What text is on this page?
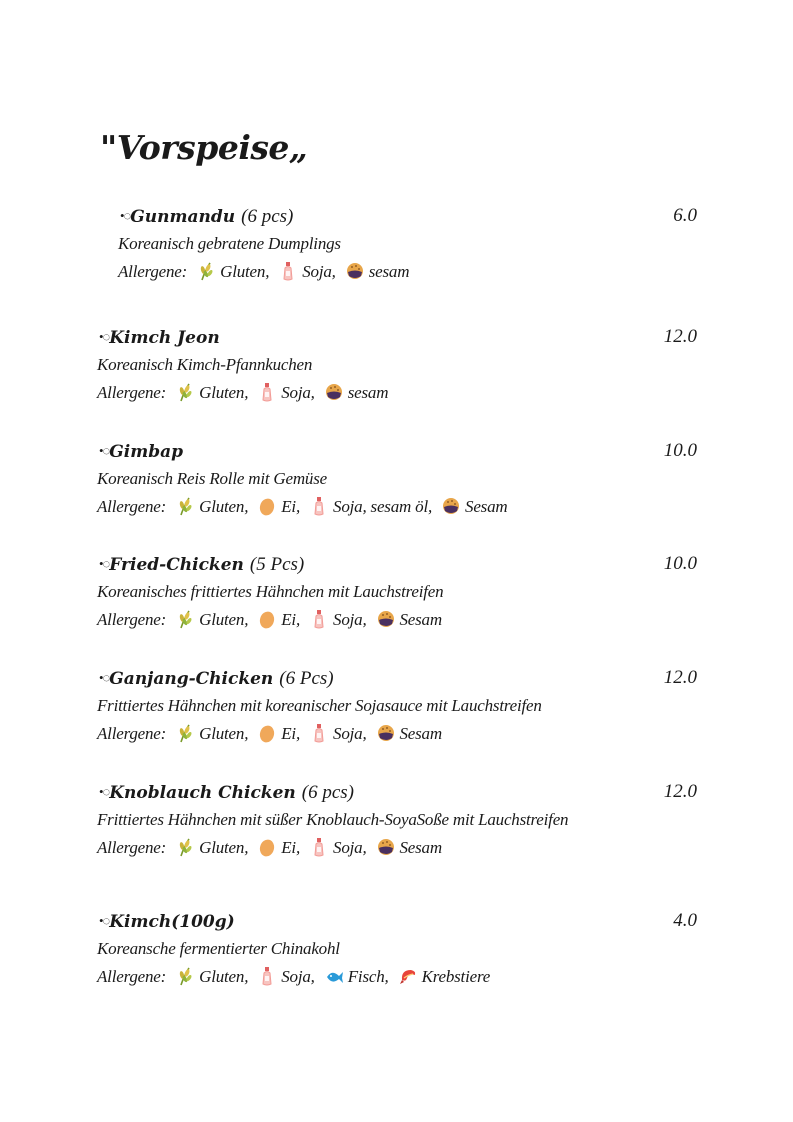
"Vorspeise„
•◌Gunmandu (6 pcs)	6.0
Koreanisch gebratene Dumplings
Allergene: Gluten, Soja, sesam
•◌Kimch Jeon	12.0
Koreanisch Kimch-Pfannkuchen
Allergene: Gluten, Soja, sesam
•◌Gimbap	10.0
Koreanisch Reis Rolle mit Gemüse
Allergene: Gluten, Ei, Soja, sesam öl, Sesam
•◌Fried-Chicken (5 Pcs)	10.0
Koreanisches frittiertes Hähnchen mit Lauchstreifen
Allergene: Gluten, Ei, Soja, Sesam
•◌Ganjang-Chicken (6 Pcs)	12.0
Frittiertes Hähnchen mit koreanischer Sojasauce mit Lauchstreifen
Allergene: Gluten, Ei, Soja, Sesam
•◌Knoblauch Chicken (6 pcs)	12.0
Frittiertes Hähnchen mit süßer Knoblauch-SoyaSoße mit Lauchstreifen
Allergene: Gluten, Ei, Soja, Sesam
•◌Kimch(100g)	4.0
Koreansche fermentierter Chinakohl
Allergene: Gluten, Soja, Fisch, Krebstiere
